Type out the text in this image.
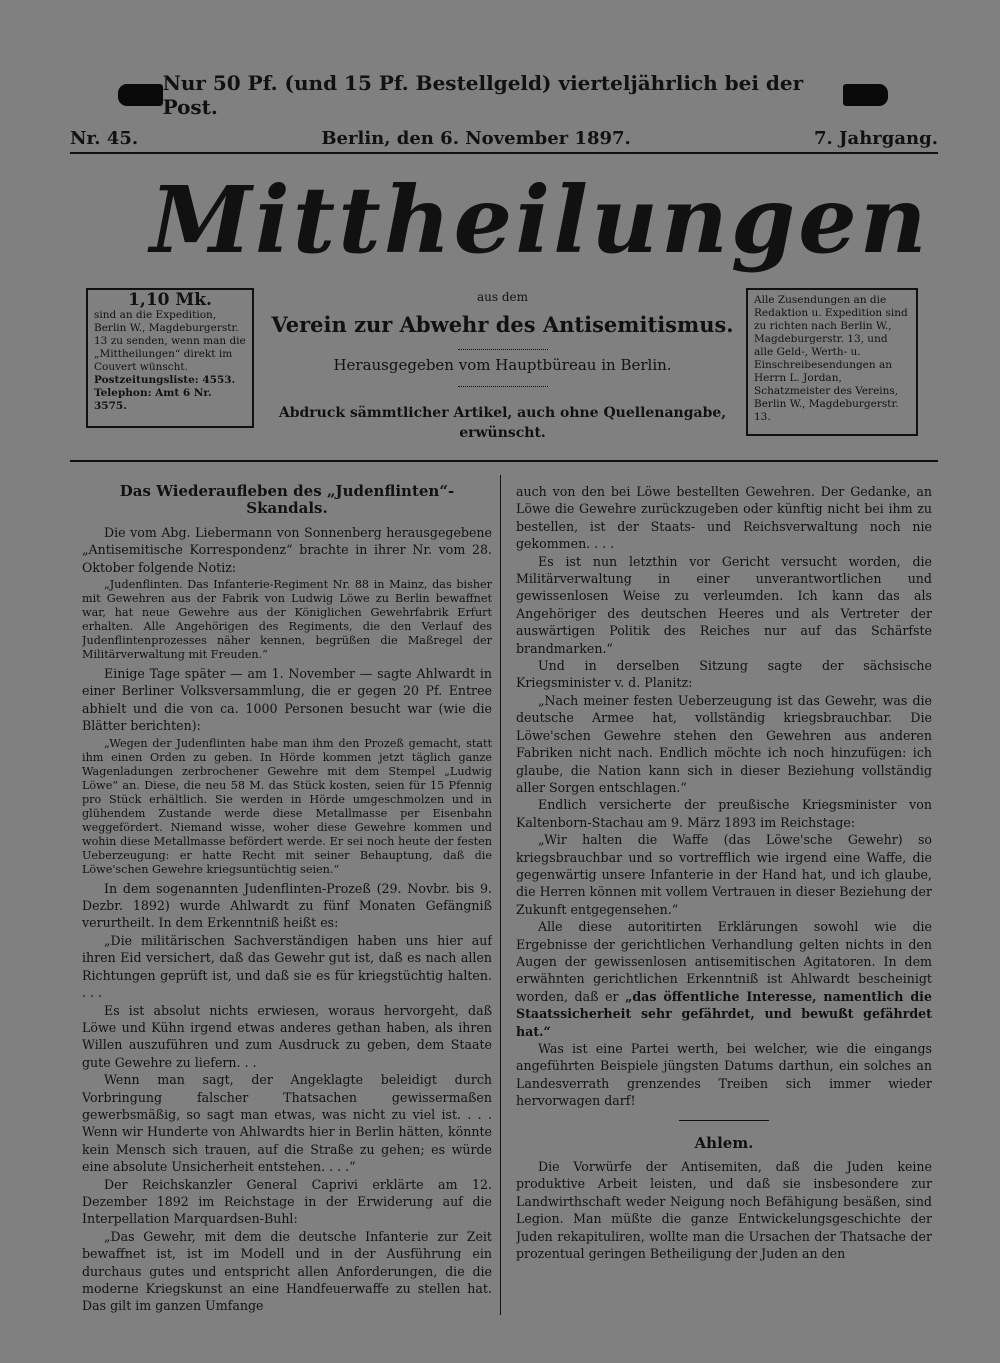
Nur 50 Pf. (und 15 Pf. Bestellgeld) vierteljährlich bei der Post.
Nr. 45.	Berlin, den 6. November 1897.	7. Jahrgang.
Mittheilungen
1,10 Mk.
sind an die Expedition, Berlin W., Magdeburgerstr. 13 zu senden, wenn man die „Mittheilungen“ direkt im Couvert wünscht.
Postzeitungsliste: 4553.
Telephon: Amt 6 Nr. 3575.
aus dem
Verein zur Abwehr des Antisemitismus.
Herausgegeben vom Hauptbüreau in Berlin.
Abdruck sämmtlicher Artikel, auch ohne Quellenangabe, erwünscht.
Alle Zusendungen an die Redaktion u. Expedition sind zu richten nach Berlin W., Magdeburgerstr. 13, und alle Geld-, Werth- u. Einschreibesendungen an Herrn L. Jordan, Schatzmeister des Vereins, Berlin W., Magdeburgerstr. 13.

Das Wiederaufleben des „Judenflinten“-Skandals.

Die vom Abg. Liebermann von Sonnenberg herausgegebene „Antisemitische Korrespondenz“ brachte in ihrer Nr. vom 28. Oktober folgende Notiz:

„Judenflinten. Das Infanterie-Regiment Nr. 88 in Mainz, das bisher mit Gewehren aus der Fabrik von Ludwig Löwe zu Berlin bewaffnet war, hat neue Gewehre aus der Königlichen Gewehrfabrik Erfurt erhalten. Alle Angehörigen des Regiments, die den Verlauf des Judenflintenprozesses näher kennen, begrüßen die Maßregel der Militärverwaltung mit Freuden.“

Einige Tage später — am 1. November — sagte Ahlwardt in einer Berliner Volksversammlung, die er gegen 20 Pf. Entree abhielt und die von ca. 1000 Personen besucht war (wie die Blätter berichten):

„Wegen der Judenflinten habe man ihm den Prozeß gemacht, statt ihm einen Orden zu geben. In Hörde kommen jetzt täglich ganze Wagenladungen zerbrochener Gewehre mit dem Stempel „Ludwig Löwe“ an. Diese, die neu 58 M. das Stück kosten, seien für 15 Pfennig pro Stück erhältlich. Sie werden in Hörde umgeschmolzen und in glühendem Zustande werde diese Metallmasse per Eisenbahn weggefördert. Niemand wisse, woher diese Gewehre kommen und wohin diese Metallmasse befördert werde. Er sei noch heute der festen Ueberzeugung: er hatte Recht mit seiner Behauptung, daß die Löwe'schen Gewehre kriegsuntüchtig seien.“

In dem sogenannten Judenflinten-Prozeß (29. Novbr. bis 9. Dezbr. 1892) wurde Ahlwardt zu fünf Monaten Gefängniß verurtheilt. In dem Erkenntniß heißt es:

„Die militärischen Sachverständigen haben uns hier auf ihren Eid versichert, daß das Gewehr gut ist, daß es nach allen Richtungen geprüft ist, und daß sie es für kriegstüchtig halten. . . .

Es ist absolut nichts erwiesen, woraus hervorgeht, daß Löwe und Kühn irgend etwas anderes gethan haben, als ihren Willen auszuführen und zum Ausdruck zu geben, dem Staate gute Gewehre zu liefern. . .

Wenn man sagt, der Angeklagte beleidigt durch Vorbringung falscher Thatsachen gewissermaßen gewerbsmäßig, so sagt man etwas, was nicht zu viel ist. . . . Wenn wir Hunderte von Ahlwardts hier in Berlin hätten, könnte kein Mensch sich trauen, auf die Straße zu gehen; es würde eine absolute Unsicherheit entstehen. . . .“

Der Reichskanzler General Caprivi erklärte am 12. Dezember 1892 im Reichstage in der Erwiderung auf die Interpellation Marquardsen-Buhl:

„Das Gewehr, mit dem die deutsche Infanterie zur Zeit bewaffnet ist, ist im Modell und in der Ausführung ein durchaus gutes und entspricht allen Anforderungen, die die moderne Kriegskunst an eine Handfeuerwaffe zu stellen hat. Das gilt im ganzen Umfange

auch von den bei Löwe bestellten Gewehren. Der Gedanke, an Löwe die Gewehre zurückzugeben oder künftig nicht bei ihm zu bestellen, ist der Staats- und Reichsverwaltung noch nie gekommen. . . .

Es ist nun letzthin vor Gericht versucht worden, die Militärverwaltung in einer unverantwortlichen und gewissenlosen Weise zu verleumden. Ich kann das als Angehöriger des deutschen Heeres und als Vertreter der auswärtigen Politik des Reiches nur auf das Schärfste brandmarken.“

Und in derselben Sitzung sagte der sächsische Kriegsminister v. d. Planitz:

„Nach meiner festen Ueberzeugung ist das Gewehr, was die deutsche Armee hat, vollständig kriegsbrauchbar. Die Löwe'schen Gewehre stehen den Gewehren aus anderen Fabriken nicht nach. Endlich möchte ich noch hinzufügen: ich glaube, die Nation kann sich in dieser Beziehung vollständig aller Sorgen entschlagen.“

Endlich versicherte der preußische Kriegsminister von Kaltenborn-Stachau am 9. März 1893 im Reichstage:

„Wir halten die Waffe (das Löwe'sche Gewehr) so kriegsbrauchbar und so vortrefflich wie irgend eine Waffe, die gegenwärtig unsere Infanterie in der Hand hat, und ich glaube, die Herren können mit vollem Vertrauen in dieser Beziehung der Zukunft entgegensehen.“

Alle diese autoritirten Erklärungen sowohl wie die Ergebnisse der gerichtlichen Verhandlung gelten nichts in den Augen der gewissenlosen antisemitischen Agitatoren. In dem erwähnten gerichtlichen Erkenntniß ist Ahlwardt bescheinigt worden, daß er „das öffentliche Interesse, namentlich die Staatssicherheit sehr gefährdet, und bewußt gefährdet hat.“

Was ist eine Partei werth, bei welcher, wie die eingangs angeführten Beispiele jüngsten Datums darthun, ein solches an Landesverrath grenzendes Treiben sich immer wieder hervorwagen darf!

Ahlem.

Die Vorwürfe der Antisemiten, daß die Juden keine produktive Arbeit leisten, und daß sie insbesondere zur Landwirthschaft weder Neigung noch Befähigung besäßen, sind Legion. Man müßte die ganze Entwickelungsgeschichte der Juden rekapituliren, wollte man die Ursachen der Thatsache der prozentual geringen Betheiligung der Juden an den
